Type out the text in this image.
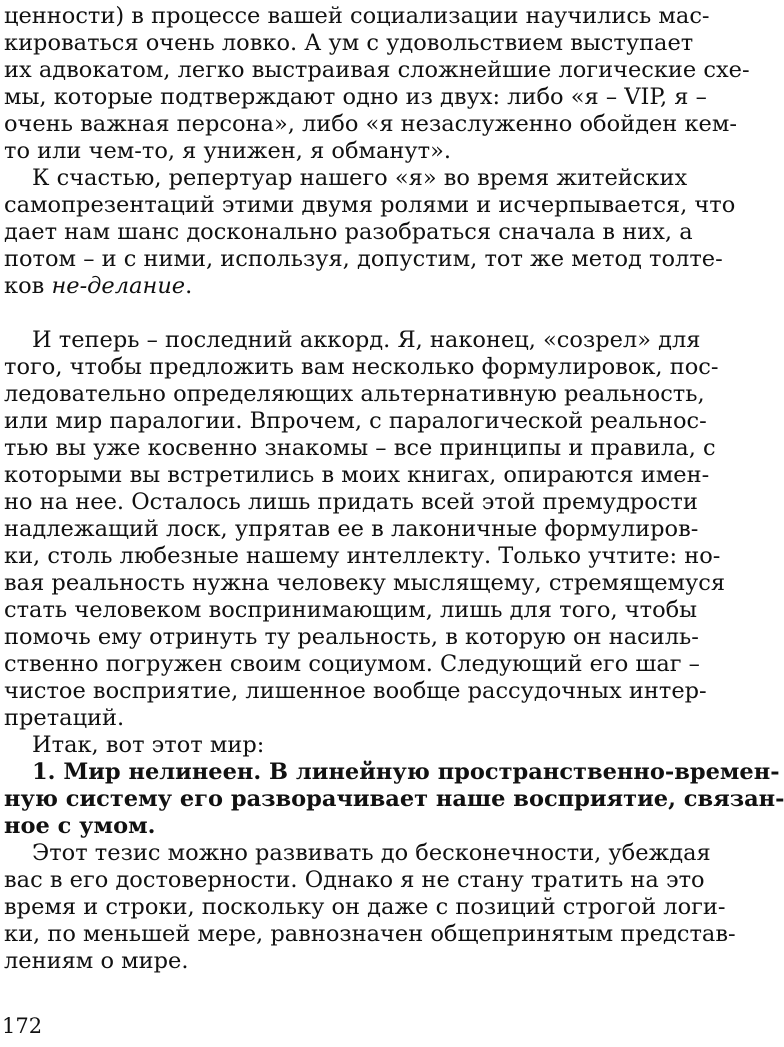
ценности) в процессе вашей социализации научились мас-
кироваться очень ловко. А ум с удовольствием выступает
их адвокатом, легко выстраивая сложнейшие логические схе-
мы, которые подтверждают одно из двух: либо «я – VIP, я –
очень важная персона», либо «я незаслуженно обойден кем-
то или чем-то, я унижен, я обманут».
К счастью, репертуар нашего «я» во время житейских
самопрезентаций этими двумя ролями и исчерпывается, что
дает нам шанс досконально разобраться сначала в них, а
потом – и с ними, используя, допустим, тот же метод толте-
ков не-делание.
И теперь – последний аккорд. Я, наконец, «созрел» для
того, чтобы предложить вам несколько формулировок, пос-
ледовательно определяющих альтернативную реальность,
или мир паралогии. Впрочем, с паралогической реальнос-
тью вы уже косвенно знакомы – все принципы и правила, с
которыми вы встретились в моих книгах, опираются имен-
но на нее. Осталось лишь придать всей этой премудрости
надлежащий лоск, упрятав ее в лаконичные формулиров-
ки, столь любезные нашему интеллекту. Только учтите: но-
вая реальность нужна человеку мыслящему, стремящемуся
стать человеком воспринимающим, лишь для того, чтобы
помочь ему отринуть ту реальность, в которую он насиль-
ственно погружен своим социумом. Следующий его шаг –
чистое восприятие, лишенное вообще рассудочных интер-
претаций.
Итак, вот этот мир:
1. Мир нелинеен. В линейную пространственно-времен-
ную систему его разворачивает наше восприятие, связан-
ное с умом.
Этот тезис можно развивать до бесконечности, убеждая
172
вас в его достоверности. Однако я не стану тратить на это
время и строки, поскольку он даже с позиций строгой логи-
ки, по меньшей мере, равнозначен общепринятым представ-
лениям о мире.
